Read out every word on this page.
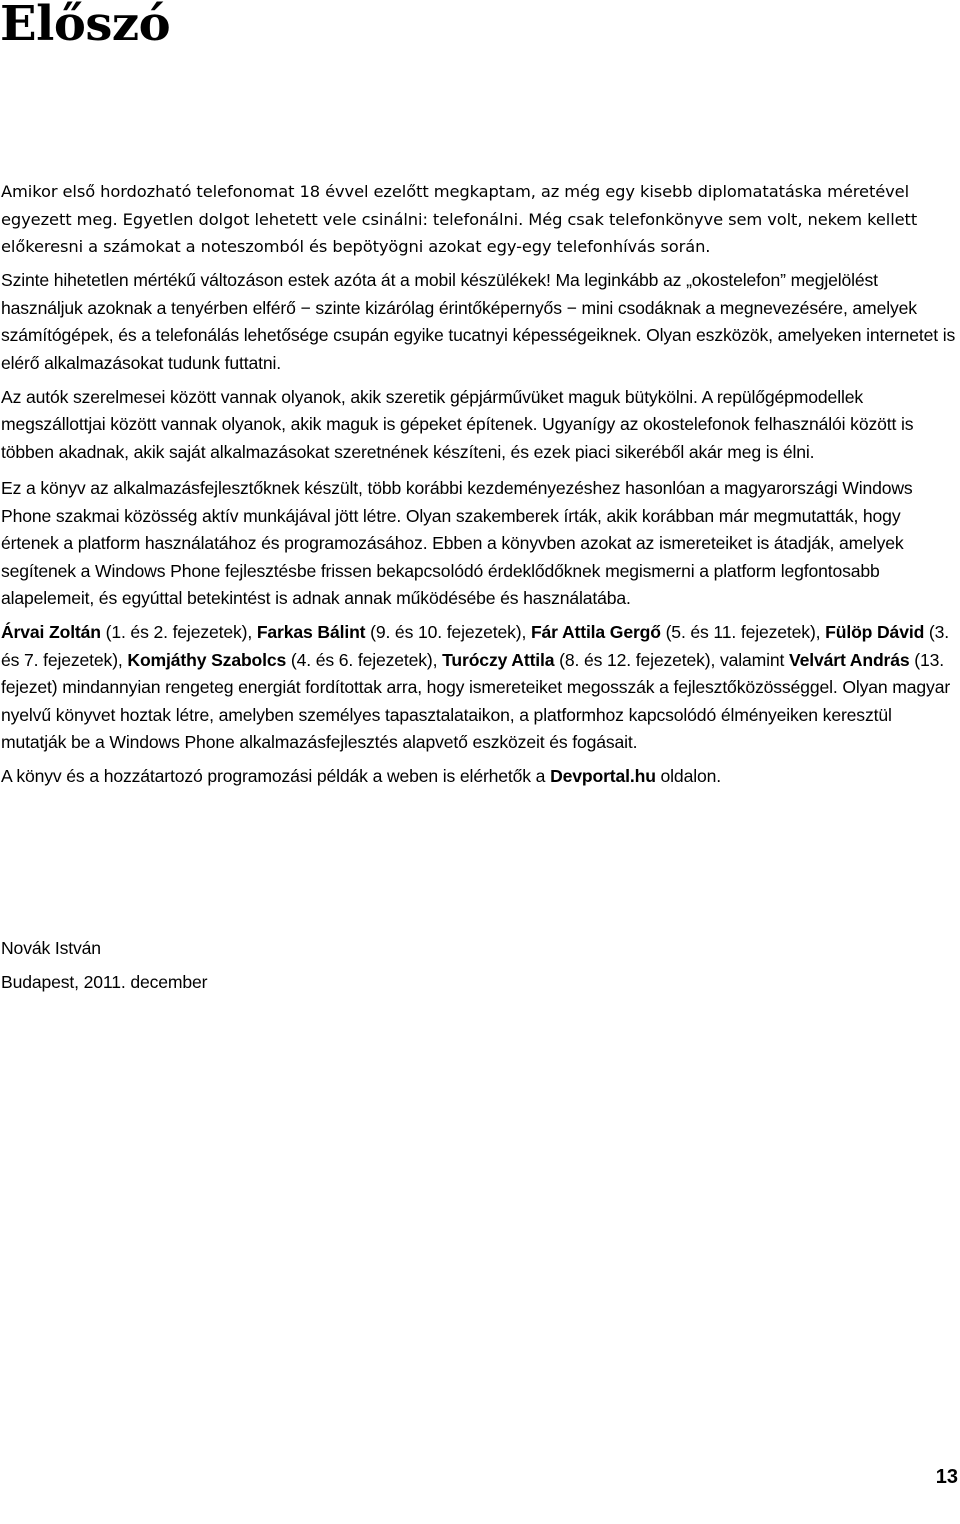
Előszó

Amikor első hordozható telefonomat 18 évvel ezelőtt megkaptam, az még egy kisebb diplomatatáska méretével egyezett meg. Egyetlen dolgot lehetett vele csinálni: telefonálni. Még csak telefonkönyve sem volt, nekem kellett előkeresni a számokat a noteszomból és bepötyögni azokat egy-egy telefonhívás során.

Szinte hihetetlen mértékű változáson estek azóta át a mobil készülékek! Ma leginkább az „okostelefon” megjelölést használjuk azoknak a tenyérben elférő − szinte kizárólag érintőképernyős − mini csodáknak a megnevezésére, amelyek számítógépek, és a telefonálás lehetősége csupán egyike tucatnyi képességeiknek. Olyan eszközök, amelyeken internetet is elérő alkalmazásokat tudunk futtatni.

Az autók szerelmesei között vannak olyanok, akik szeretik gépjárművüket maguk bütykölni. A repülőgépmodellek megszállottjai között vannak olyanok, akik maguk is gépeket építenek. Ugyanígy az okostelefonok felhasználói között is többen akadnak, akik saját alkalmazásokat szeretnének készíteni, és ezek piaci sikeréből akár meg is élni.

Ez a könyv az alkalmazásfejlesztőknek készült, több korábbi kezdeményezéshez hasonlóan a magyarországi Windows Phone szakmai közösség aktív munkájával jött létre. Olyan szakemberek írták, akik korábban már megmutatták, hogy értenek a platform használatához és programozásához. Ebben a könyvben azokat az ismereteiket is átadják, amelyek segítenek a Windows Phone fejlesztésbe frissen bekapcsolódó érdeklődőknek megismerni a platform legfontosabb alapelemeit, és egyúttal betekintést is adnak annak működésébe és használatába.

Árvai Zoltán (1. és 2. fejezetek), Farkas Bálint (9. és 10. fejezetek), Fár Attila Gergő (5. és 11. fejezetek), Fülöp Dávid (3. és 7. fejezetek), Komjáthy Szabolcs (4. és 6. fejezetek), Turóczy Attila (8. és 12. fejezetek), valamint Velvárt András (13. fejezet) mindannyian rengeteg energiát fordítottak arra, hogy ismereteiket megosszák a fejlesztőközösséggel. Olyan magyar nyelvű könyvet hoztak létre, amelyben személyes tapasztalataikon, a platformhoz kapcsolódó élményeiken keresztül mutatják be a Windows Phone alkalmazásfejlesztés alapvető eszközeit és fogásait.

A könyv és a hozzátartozó programozási példák a weben is elérhetők a Devportal.hu oldalon.

Novák István
Budapest, 2011. december
13
